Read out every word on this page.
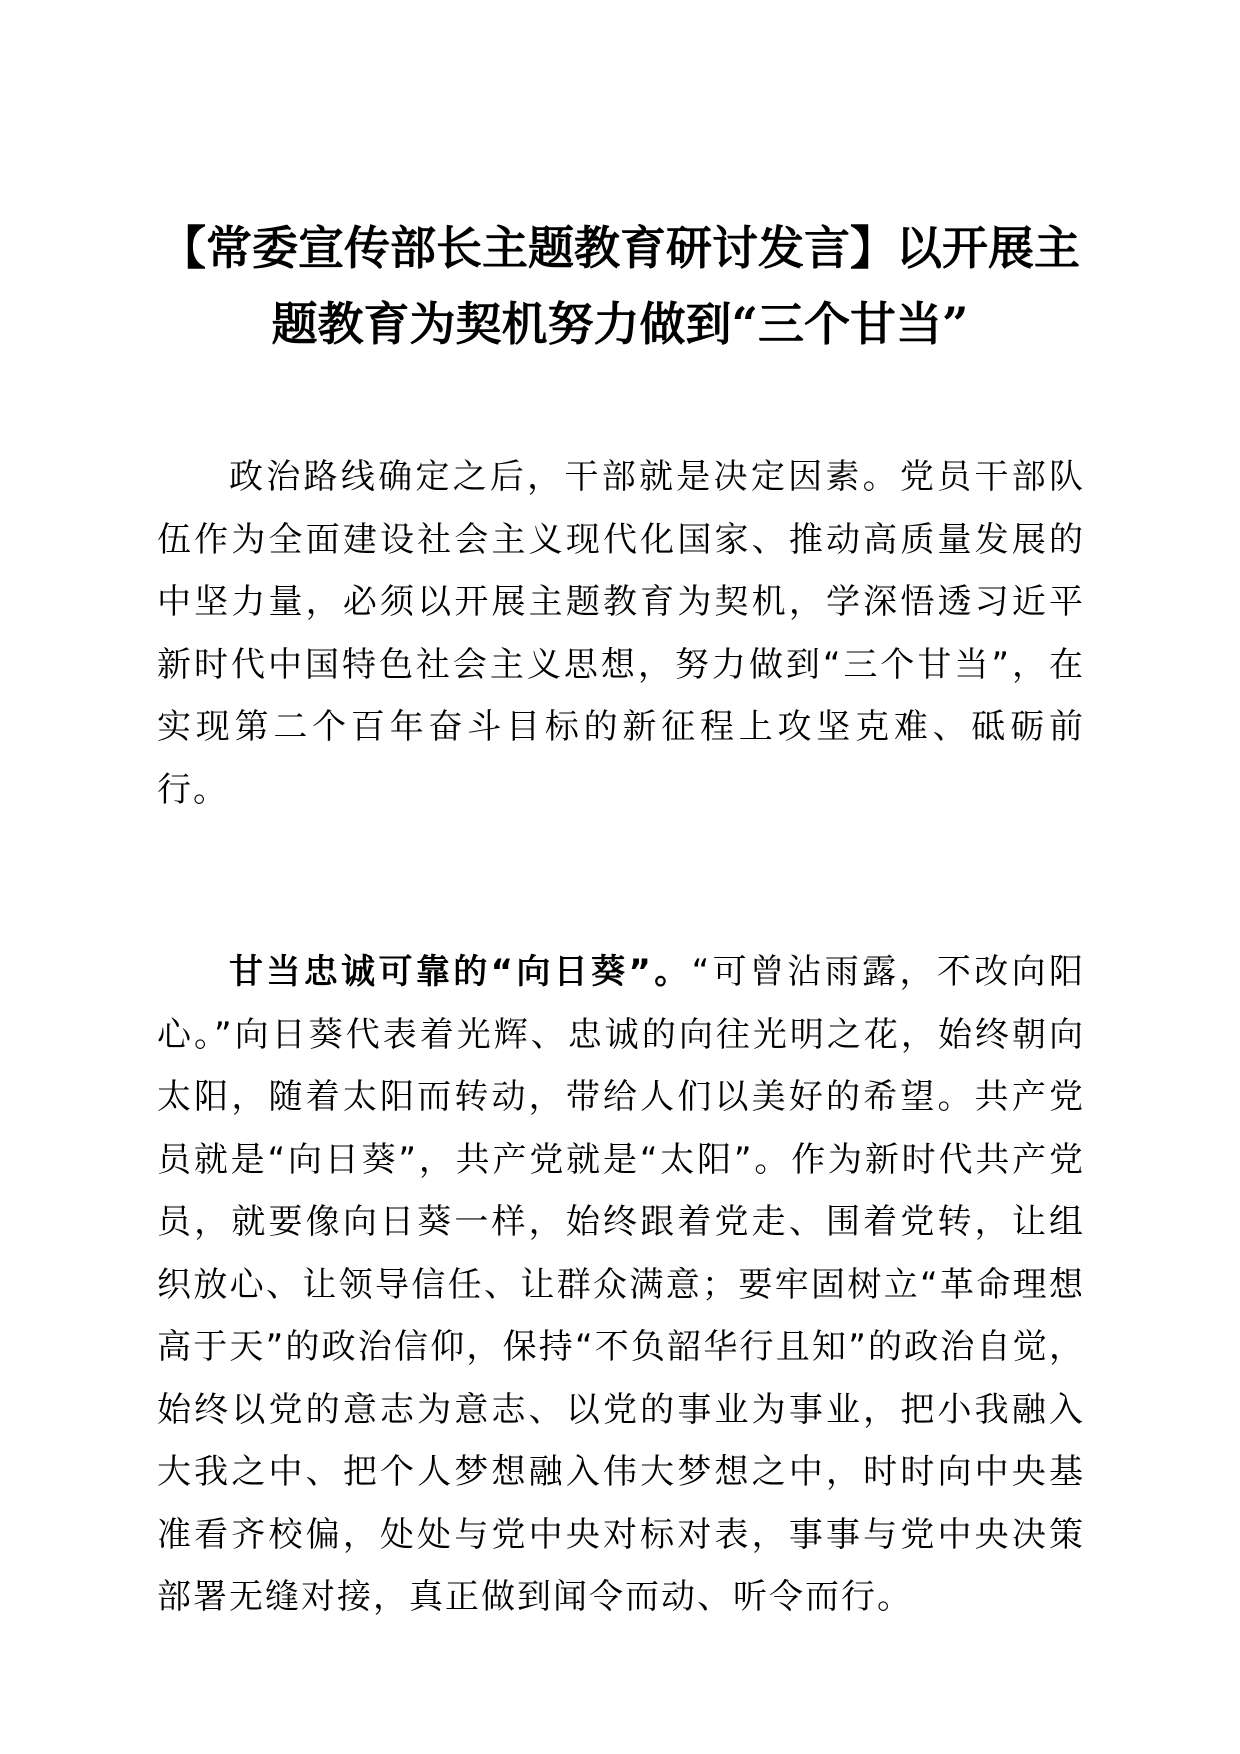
【常委宣传部长主题教育研讨发言】以开展主题教育为契机努力做到“三个甘当”

政治路线确定之后，干部就是决定因素。党员干部队伍作为全面建设社会主义现代化国家、推动高质量发展的中坚力量，必须以开展主题教育为契机，学深悟透习近平新时代中国特色社会主义思想，努力做到“三个甘当”，在实现第二个百年奋斗目标的新征程上攻坚克难、砥砺前行。

甘当忠诚可靠的“向日葵”。“可曾沾雨露，不改向阳心。”向日葵代表着光辉、忠诚的向往光明之花，始终朝向太阳，随着太阳而转动，带给人们以美好的希望。共产党员就是“向日葵”，共产党就是“太阳”。作为新时代共产党员，就要像向日葵一样，始终跟着党走、围着党转，让组织放心、让领导信任、让群众满意；要牢固树立“革命理想高于天”的政治信仰，保持“不负韶华行且知”的政治自觉，始终以党的意志为意志、以党的事业为事业，把小我融入大我之中、把个人梦想融入伟大梦想之中，时时向中央基准看齐校偏，处处与党中央对标对表，事事与党中央决策部署无缝对接，真正做到闻令而动、听令而行。
